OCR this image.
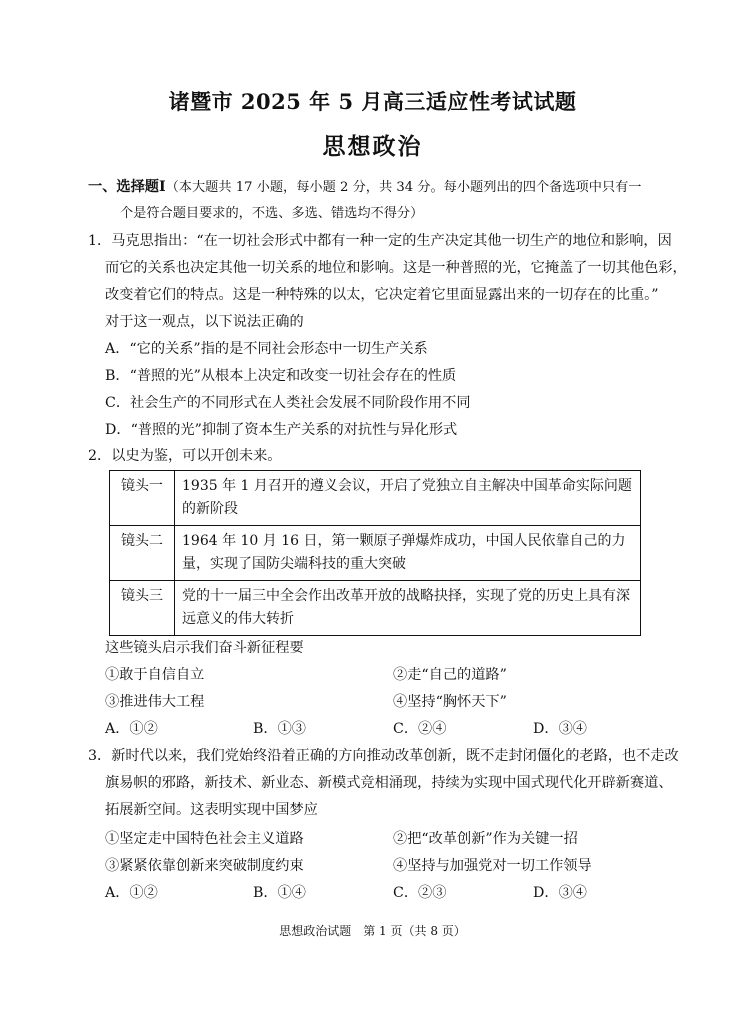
诸暨市 2025 年 5 月高三适应性考试试题
思想政治
一、选择题Ⅰ（本大题共 17 小题，每小题 2 分，共 34 分。每小题列出的四个备选项中只有一
个是符合题目要求的，不选、多选、错选均不得分）
1．马克思指出：“在一切社会形式中都有一种一定的生产决定其他一切生产的地位和影响，因
而它的关系也决定其他一切关系的地位和影响。这是一种普照的光，它掩盖了一切其他色彩，
改变着它们的特点。这是一种特殊的以太，它决定着它里面显露出来的一切存在的比重。”
对于这一观点，以下说法正确的
A．“它的关系”指的是不同社会形态中一切生产关系
B．“普照的光”从根本上决定和改变一切社会存在的性质
C．社会生产的不同形式在人类社会发展不同阶段作用不同
D．“普照的光”抑制了资本生产关系的对抗性与异化形式
2．以史为鉴，可以开创未来。
镜头一	1935 年 1 月召开的遵义会议，开启了党独立自主解决中国革命实际问题的新阶段
镜头二	1964 年 10 月 16 日，第一颗原子弹爆炸成功，中国人民依靠自己的力量，实现了国防尖端科技的重大突破
镜头三	党的十一届三中全会作出改革开放的战略抉择，实现了党的历史上具有深远意义的伟大转折
这些镜头启示我们奋斗新征程要
①敢于自信自立	②走“自己的道路”
③推进伟大工程	④坚持“胸怀天下”
A．①②	B．①③	C．②④	D．③④
3．新时代以来，我们党始终沿着正确的方向推动改革创新，既不走封闭僵化的老路，也不走改
旗易帜的邪路，新技术、新业态、新模式竞相涌现，持续为实现中国式现代化开辟新赛道、
拓展新空间。这表明实现中国梦应
①坚定走中国特色社会主义道路	②把“改革创新”作为关键一招
③紧紧依靠创新来突破制度约束	④坚持与加强党对一切工作领导
A．①②	B．①④	C．②③	D．③④
思想政治试题　第 1 页（共 8 页）
